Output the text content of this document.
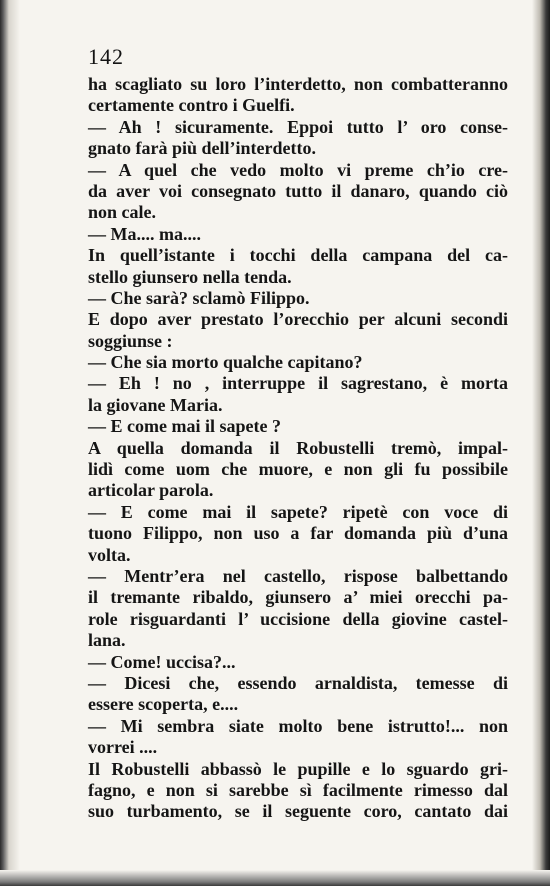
142
ha scagliato su loro l’interdetto, non combatteranno
certamente contro i Guelfi.
— Ah ! sicuramente. Eppoi tutto l’ oro conse-
gnato farà più dell’interdetto.
— A quel che vedo molto vi preme ch’io cre-
da aver voi consegnato tutto il danaro, quando ciò
non cale.
— Ma.... ma....
In quell’istante i tocchi della campana del ca-
stello giunsero nella tenda.
— Che sarà? sclamò Filippo.
E dopo aver prestato l’orecchio per alcuni secondi
soggiunse :
— Che sia morto qualche capitano?
— Eh ! no , interruppe il sagrestano, è morta
la giovane Maria.
— E come mai il sapete ?
A quella domanda il Robustelli tremò, impal-
lidì come uom che muore, e non gli fu possibile
articolar parola.
— E come mai il sapete? ripetè con voce di
tuono Filippo, non uso a far domanda più d’una
volta.
— Mentr’era nel castello, rispose balbettando
il tremante ribaldo, giunsero a’ miei orecchi pa-
role risguardanti l’ uccisione della giovine castel-
lana.
— Come! uccisa?...
— Dicesi che, essendo arnaldista, temesse di
essere scoperta, e....
— Mi sembra siate molto bene istrutto!... non
vorrei ....
Il Robustelli abbassò le pupille e lo sguardo gri-
fagno, e non si sarebbe sì facilmente rimesso dal
suo turbamento, se il seguente coro, cantato dai
